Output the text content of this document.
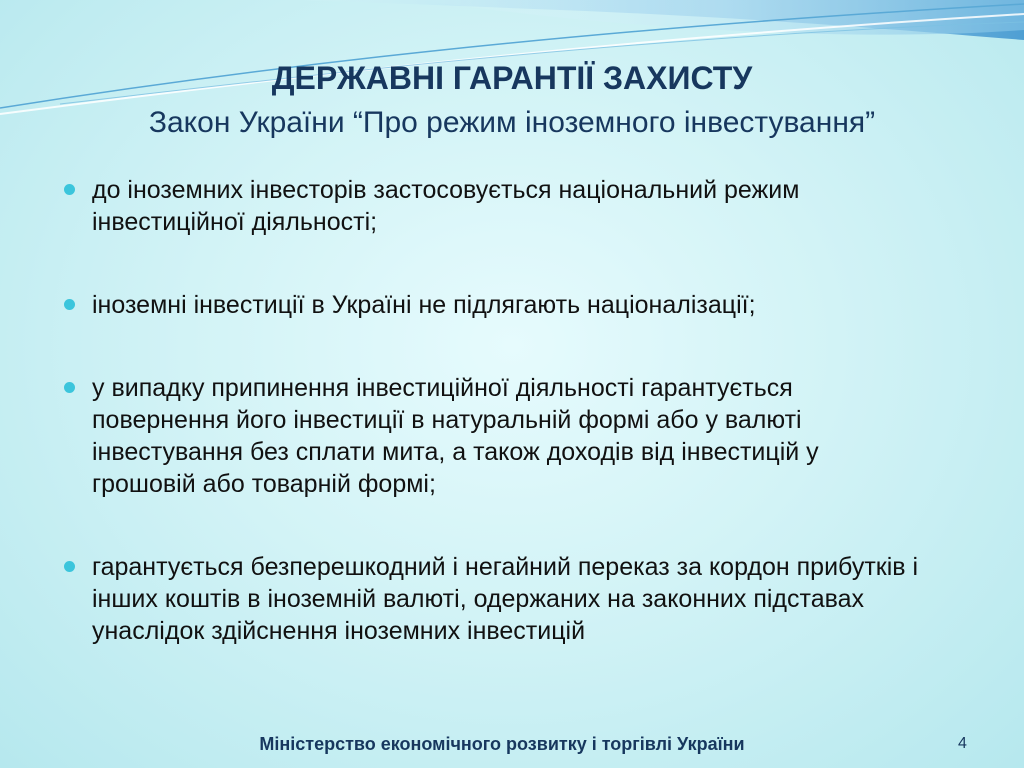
ДЕРЖАВНІ ГАРАНТІЇ ЗАХИСТУ
Закон України “Про режим іноземного інвестування”
до іноземних інвесторів застосовується національний режим інвестиційної діяльності;
іноземні інвестиції в Україні не підлягають націоналізації;
у випадку припинення інвестиційної діяльності гарантується повернення його інвестиції в натуральній формі або у валюті інвестування без сплати мита, а також доходів від інвестицій у грошовій або товарній формі;
гарантується безперешкодний і негайний переказ за кордон прибутків і інших коштів в іноземній валюті, одержаних на законних підставах унаслідок здійснення іноземних інвестицій
Міністерство економічного розвитку і торгівлі України	4
